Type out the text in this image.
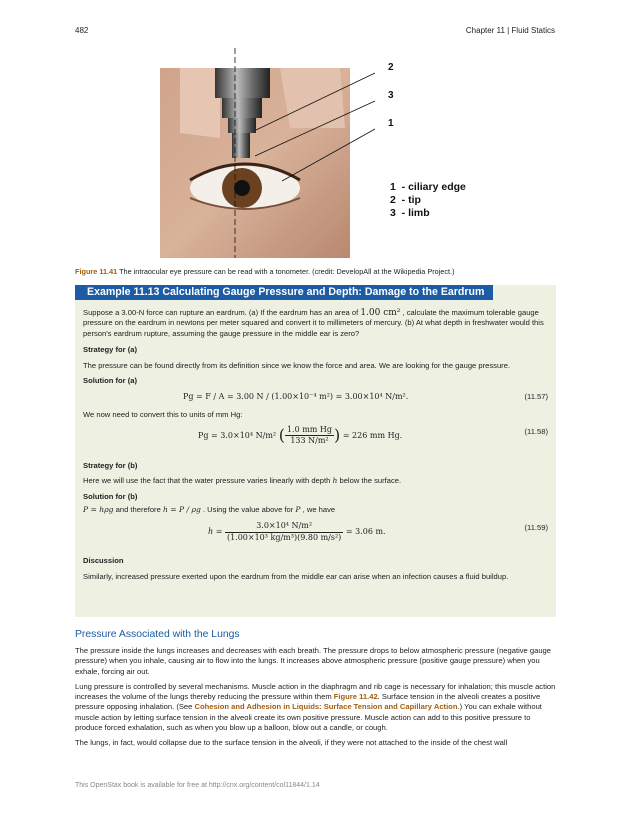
482	Chapter 11 | Fluid Statics
2
3
1
1  - ciliary edge
2  - tip
3  - limb
Figure 11.41 The intraocular eye pressure can be read with a tonometer. (credit: DevelopAll at the Wikipedia Project.)
Example 11.13 Calculating Gauge Pressure and Depth: Damage to the Eardrum

Suppose a 3.00-N force can rupture an eardrum. (a) If the eardrum has an area of 1.00 cm² , calculate the maximum tolerable gauge pressure on the eardrum in newtons per meter squared and convert it to millimeters of mercury. (b) At what depth in freshwater would this person's eardrum rupture, assuming the gauge pressure in the middle ear is zero?

Strategy for (a)

The pressure can be found directly from its definition since we know the force and area. We are looking for the gauge pressure.

Solution for (a)

Pg = F / A = 3.00 N / (1.00×10⁻⁴ m²) = 3.00×10⁴ N/m².	(11.57)

We now need to convert this to units of mm Hg:

Pg = 3.0×10⁴ N/m² ( $\frac{\text{1.0 mm Hg}}{\text{133 N/m²}}$ ) = 226 mm Hg.	(11.58)

Strategy for (b)

Here we will use the fact that the water pressure varies linearly with depth h below the surface.

Solution for (b)

P = hρg and therefore h = P / ρg . Using the value above for P , we have

$h = \frac{\text{3.0×10⁴ N/m²}}{\text{(1.00×10³ kg/m³)(9.80 m/s²)}} = 3.06$ m.	(11.59)

Discussion

Similarly, increased pressure exerted upon the eardrum from the middle ear can arise when an infection causes a fluid buildup.

Pressure Associated with the Lungs

The pressure inside the lungs increases and decreases with each breath. The pressure drops to below atmospheric pressure (negative gauge pressure) when you inhale, causing air to flow into the lungs. It increases above atmospheric pressure (positive gauge pressure) when you exhale, forcing air out.

Lung pressure is controlled by several mechanisms. Muscle action in the diaphragm and rib cage is necessary for inhalation; this muscle action increases the volume of the lungs thereby reducing the pressure within them Figure 11.42. Surface tension in the alveoli creates a positive pressure opposing inhalation. (See Cohesion and Adhesion in Liquids: Surface Tension and Capillary Action.) You can exhale without muscle action by letting surface tension in the alveoli create its own positive pressure. Muscle action can add to this positive pressure to produce forced exhalation, such as when you blow up a balloon, blow out a candle, or cough.

The lungs, in fact, would collapse due to the surface tension in the alveoli, if they were not attached to the inside of the chest wall

This OpenStax book is available for free at http://cnx.org/content/col11844/1.14
